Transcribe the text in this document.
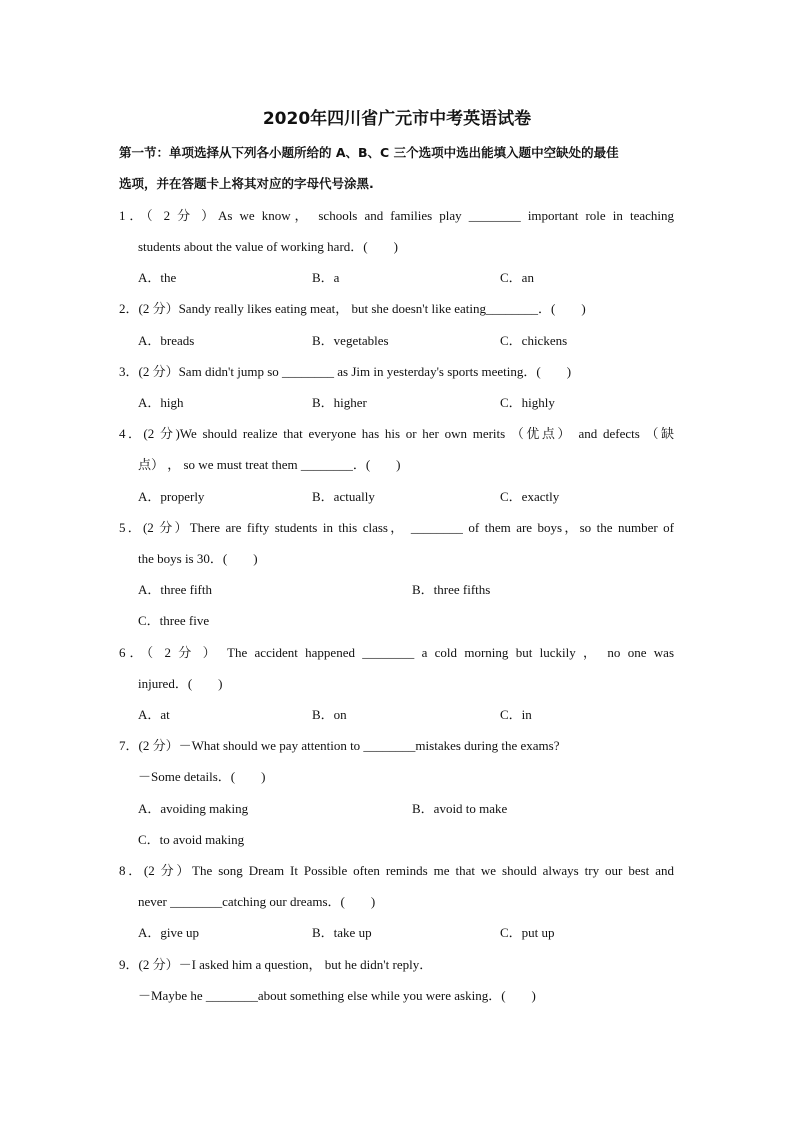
2020年四川省广元市中考英语试卷
第一节：单项选择从下列各小题所给的 A、B、C 三个选项中选出能填入题中空缺处的最佳
选项，并在答题卡上将其对应的字母代号涂黑.
1．（ 2 分 ）As we know， schools and families play ________ important role in teaching
students about the value of working hard．(　　)
A．the	B．a	C．an
2．(2 分）Sandy really likes eating meat， but she doesn't like eating________．(　　)
A．breads	B．vegetables	C．chickens
3．(2 分）Sam didn't jump so ________ as Jim in yesterday's sports meeting．(　　)
A．high	B．higher	C．highly
4．(2 分)We should realize that everyone has his or her own merits （优点） and defects （缺
点） ， so we must treat them ________．(　　)
A．properly	B．actually	C．exactly
5．(2 分）There are fifty students in this class， ________ of them are boys，so the number of
the boys is 30．(　　)
A．three fifth	B．three fifths
C．three five
6．（ 2 分 ） The accident happened ________ a cold morning but luckily ， no one was
injured．(　　)
A．at	B．on	C．in
7．(2 分）－What should we pay attention to ________mistakes during the exams?
－Some details．(　　)
A．avoiding making	B．avoid to make
C．to avoid making
8．(2 分）The song Dream It Possible often reminds me that we should always try our best and
never ________catching our dreams．(　　)
A．give up	B．take up	C．put up
9．(2 分）－I asked him a question， but he didn't reply．
－Maybe he ________about something else while you were asking．(　　)
